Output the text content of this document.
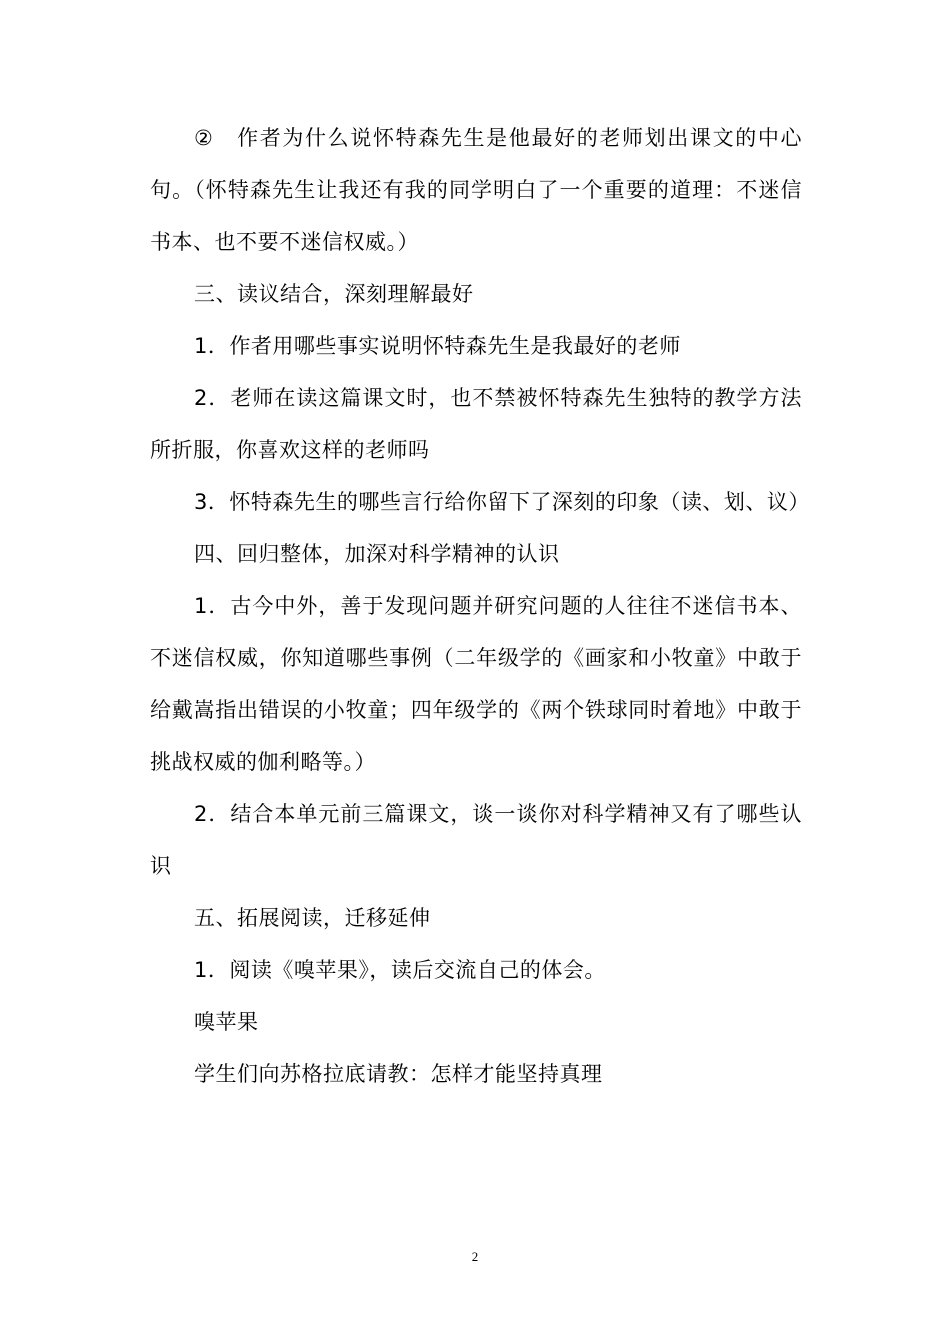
②　作者为什么说怀特森先生是他最好的老师划出课文的中心句。（怀特森先生让我还有我的同学明白了一个重要的道理：不迷信书本、也不要不迷信权威。）

三、读议结合，深刻理解最好

1．作者用哪些事实说明怀特森先生是我最好的老师

2．老师在读这篇课文时，也不禁被怀特森先生独特的教学方法所折服，你喜欢这样的老师吗

3．怀特森先生的哪些言行给你留下了深刻的印象（读、划、议）

四、回归整体，加深对科学精神的认识

1．古今中外，善于发现问题并研究问题的人往往不迷信书本、不迷信权威，你知道哪些事例（二年级学的《画家和小牧童》中敢于给戴嵩指出错误的小牧童；四年级学的《两个铁球同时着地》中敢于挑战权威的伽利略等。）

2．结合本单元前三篇课文，谈一谈你对科学精神又有了哪些认识

五、拓展阅读，迁移延伸

1．阅读《嗅苹果》，读后交流自己的体会。

嗅苹果

学生们向苏格拉底请教：怎样才能坚持真理

2
